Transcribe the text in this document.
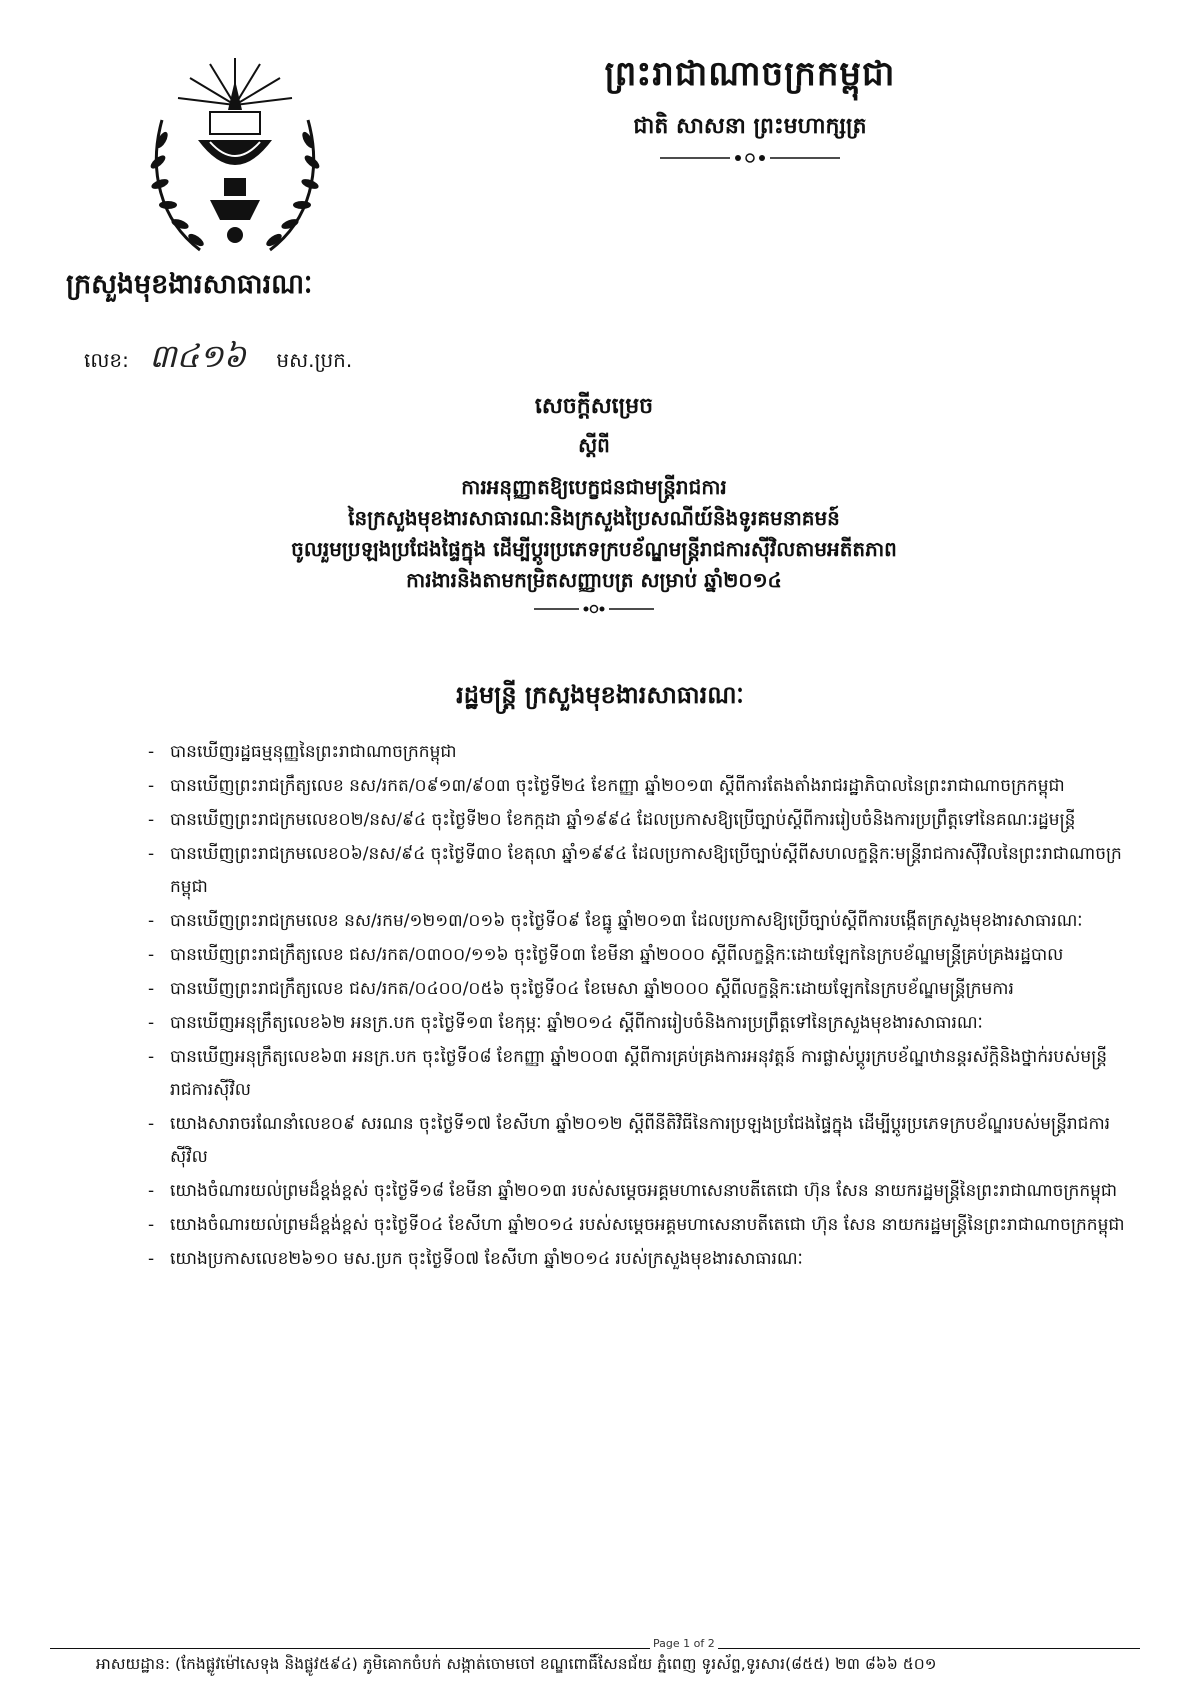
ព្រះរាជាណាចក្រកម្ពុជា
ជាតិ សាសនា ព្រះមហាក្សត្រ
ក្រសួងមុខងារសាធារណៈ
លេខ: ៣៤១៦ មស.ប្រក.
សេចក្តីសម្រេច
ស្តីពី
ការអនុញ្ញាតឱ្យបេក្ខជនជាមន្ត្រីរាជការ
នៃក្រសួងមុខងារសាធារណៈនិងក្រសួងប្រៃសណីយ៍និងទូរគមនាគមន៍
ចូលរួមប្រឡងប្រជែងផ្ទៃក្នុង ដើម្បីប្តូរប្រភេទក្របខ័ណ្ឌមន្ត្រីរាជការស៊ីវិលតាមអតីតភាព
ការងារនិងតាមកម្រិតសញ្ញាបត្រ សម្រាប់ ឆ្នាំ២០១៤
រដ្ឋមន្ត្រី ក្រសួងមុខងារសាធារណៈ
- បានឃើញរដ្ឋធម្មនុញ្ញនៃព្រះរាជាណាចក្រកម្ពុជា
- បានឃើញព្រះរាជក្រឹត្យលេខ នស/រកត/០៩១៣/៩០៣ ចុះថ្ងៃទី២៤ ខែកញ្ញា ឆ្នាំ២០១៣ ស្តីពីការតែងតាំងរាជរដ្ឋាភិបាលនៃព្រះរាជាណាចក្រកម្ពុជា
- បានឃើញព្រះរាជក្រមលេខ០២/នស/៩៤ ចុះថ្ងៃទី២០ ខែកក្កដា ឆ្នាំ១៩៩៤ ដែលប្រកាសឱ្យប្រើច្បាប់ស្តីពីការរៀបចំនិងការប្រព្រឹត្តទៅនៃគណៈរដ្ឋមន្ត្រី
- បានឃើញព្រះរាជក្រមលេខ០៦/នស/៩៤ ចុះថ្ងៃទី៣០ ខែតុលា ឆ្នាំ១៩៩៤ ដែលប្រកាសឱ្យប្រើច្បាប់ស្តីពីសហលក្ខន្តិកៈមន្ត្រីរាជការស៊ីវិលនៃព្រះរាជាណាចក្រកម្ពុជា
- បានឃើញព្រះរាជក្រមលេខ នស/រកម/១២១៣/០១៦ ចុះថ្ងៃទី០៩ ខែធ្នូ ឆ្នាំ២០១៣ ដែលប្រកាសឱ្យប្រើច្បាប់ស្តីពីការបង្កើតក្រសួងមុខងារសាធារណៈ
- បានឃើញព្រះរាជក្រឹត្យលេខ ជស/រកត/០៣០០/១១៦ ចុះថ្ងៃទី០៣ ខែមីនា ឆ្នាំ២០០០ ស្តីពីលក្ខន្តិកៈដោយឡែកនៃក្របខ័ណ្ឌមន្ត្រីគ្រប់គ្រងរដ្ឋបាល
- បានឃើញព្រះរាជក្រឹត្យលេខ ជស/រកត/០៤០០/០៥៦ ចុះថ្ងៃទី០៤ ខែមេសា ឆ្នាំ២០០០ ស្តីពីលក្ខន្តិកៈដោយឡែកនៃក្របខ័ណ្ឌមន្ត្រីក្រមការ
- បានឃើញអនុក្រឹត្យលេខ៦២ អនក្រ.បក ចុះថ្ងៃទី១៣ ខែកុម្ភៈ ឆ្នាំ២០១៤ ស្តីពីការរៀបចំនិងការប្រព្រឹត្តទៅនៃក្រសួងមុខងារសាធារណៈ
- បានឃើញអនុក្រឹត្យលេខ៦៣ អនក្រ.បក ចុះថ្ងៃទី០៨ ខែកញ្ញា ឆ្នាំ២០០៣ ស្តីពីការគ្រប់គ្រងការអនុវត្តន៍ ការផ្លាស់ប្តូរក្របខ័ណ្ឌឋានន្តរស័ក្តិនិងថ្នាក់របស់មន្ត្រីរាជការស៊ីវិល
- យោងសារាចរណែនាំលេខ០៩ សរណន ចុះថ្ងៃទី១៧ ខែសីហា ឆ្នាំ២០១២ ស្តីពីនីតិវិធីនៃការប្រឡងប្រជែងផ្ទៃក្នុង ដើម្បីប្តូរប្រភេទក្របខ័ណ្ឌរបស់មន្ត្រីរាជការស៊ីវិល
- យោងចំណារយល់ព្រមដ៏ខ្ពង់ខ្ពស់ ចុះថ្ងៃទី១៨ ខែមីនា ឆ្នាំ២០១៣ របស់សម្តេចអគ្គមហាសេនាបតីតេជោ ហ៊ុន សែន នាយករដ្ឋមន្ត្រីនៃព្រះរាជាណាចក្រកម្ពុជា
- យោងចំណារយល់ព្រមដ៏ខ្ពង់ខ្ពស់ ចុះថ្ងៃទី០៤ ខែសីហា ឆ្នាំ២០១៤ របស់សម្តេចអគ្គមហាសេនាបតីតេជោ ហ៊ុន សែន នាយករដ្ឋមន្ត្រីនៃព្រះរាជាណាចក្រកម្ពុជា
- យោងប្រកាសលេខ២៦១០ មស.ប្រក ចុះថ្ងៃទី០៧ ខែសីហា ឆ្នាំ២០១៤ របស់ក្រសួងមុខងារសាធារណៈ
Page 1 of 2
អាសយដ្ឋាន: (កែងផ្លូវម៉ៅសេទុង និងផ្លូវ៥៩៤) ភូមិគោកចំបក់ សង្កាត់ចោមចៅ ខណ្ឌពោធិ៍សែនជ័យ ភ្នំពេញ ទូរស័ព្ទ,ទូរសារ(៨៥៥) ២៣ ៨៦៦ ៥០១
